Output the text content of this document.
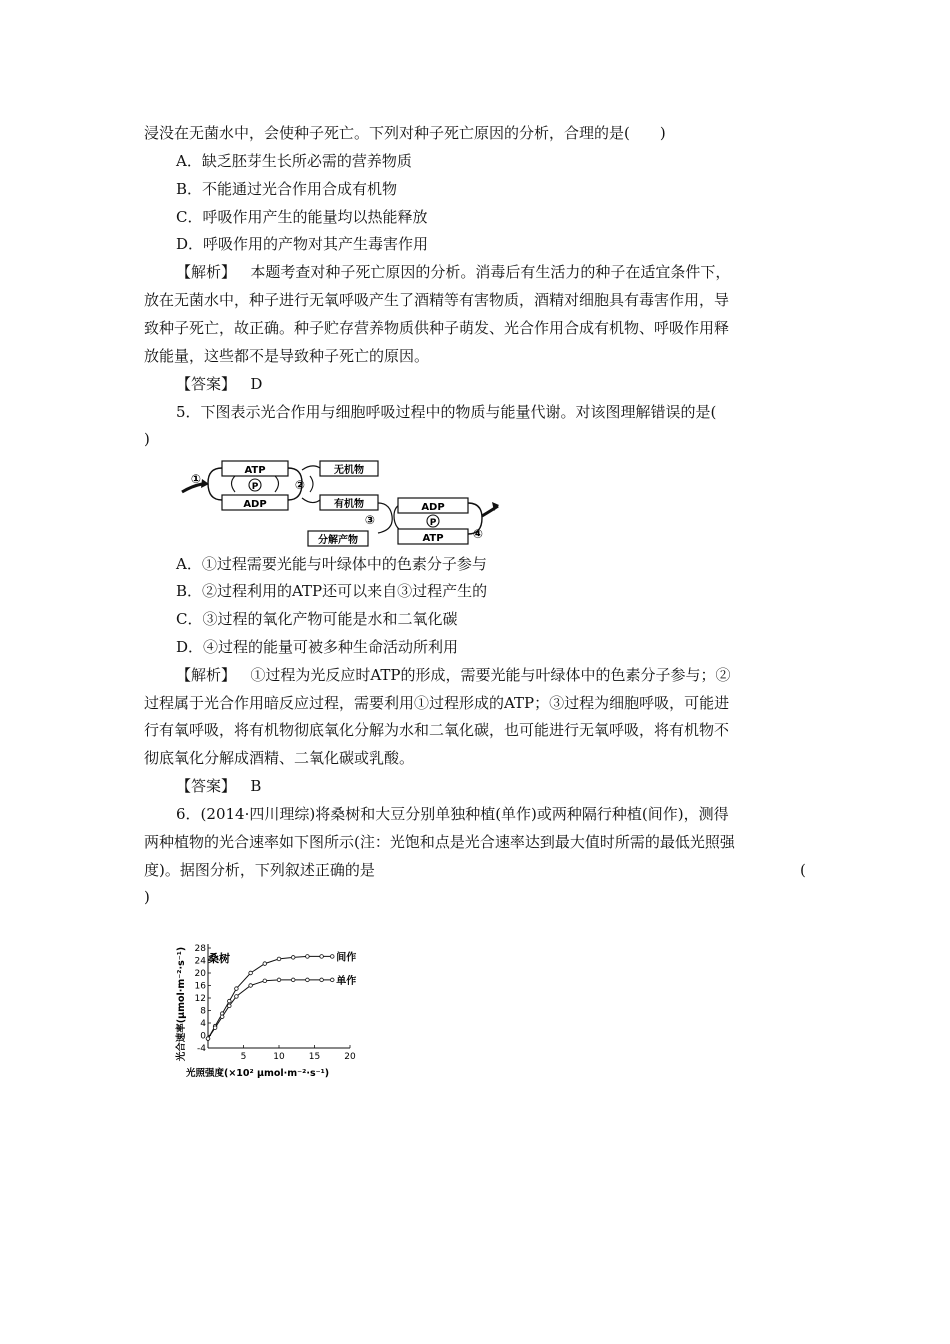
浸没在无菌水中，会使种子死亡。下列对种子死亡原因的分析，合理的是(　　)
A．缺乏胚芽生长所必需的营养物质
B．不能通过光合作用合成有机物
C．呼吸作用产生的能量均以热能释放
D．呼吸作用的产物对其产生毒害作用
【解析】 本题考查对种子死亡原因的分析。消毒后有生活力的种子在适宜条件下，
放在无菌水中，种子进行无氧呼吸产生了酒精等有害物质，酒精对细胞具有毒害作用，导
致种子死亡，故正确。种子贮存营养物质供种子萌发、光合作用合成有机物、呼吸作用释
放能量，这些都不是导致种子死亡的原因。
【答案】 D
5．下图表示光合作用与细胞呼吸过程中的物质与能量代谢。对该图理解错误的是(
)
ATP
ADP
P
无机物
有机物	ADP
P
ATP
分解产物
①	②
③
④
A．①过程需要光能与叶绿体中的色素分子参与
B．②过程利用的ATP还可以来自③过程产生的
C．③过程的氧化产物可能是水和二氧化碳
D．④过程的能量可被多种生命活动所利用
【解析】 ①过程为光反应时ATP的形成，需要光能与叶绿体中的色素分子参与；②
过程属于光合作用暗反应过程，需要利用①过程形成的ATP；③过程为细胞呼吸，可能进
行有氧呼吸，将有机物彻底氧化分解为水和二氧化碳，也可能进行无氧呼吸，将有机物不
彻底氧化分解成酒精、二氧化碳或乳酸。
【答案】 B
6．(2014·四川理综)将桑树和大豆分别单独种植(单作)或两种隔行种植(间作)，测得
两种植物的光合速率如下图所示(注：光饱和点是光合速率达到最大值时所需的最低光照强
度)。据图分析，下列叙述正确的是	(
)
-4
0
4
8
12
16
20
24
28
5	10	15	20
间作
单作
桑树
光合速率(μmol·m⁻²·s⁻¹)
光照强度(×10² μmol·m⁻²·s⁻¹)
